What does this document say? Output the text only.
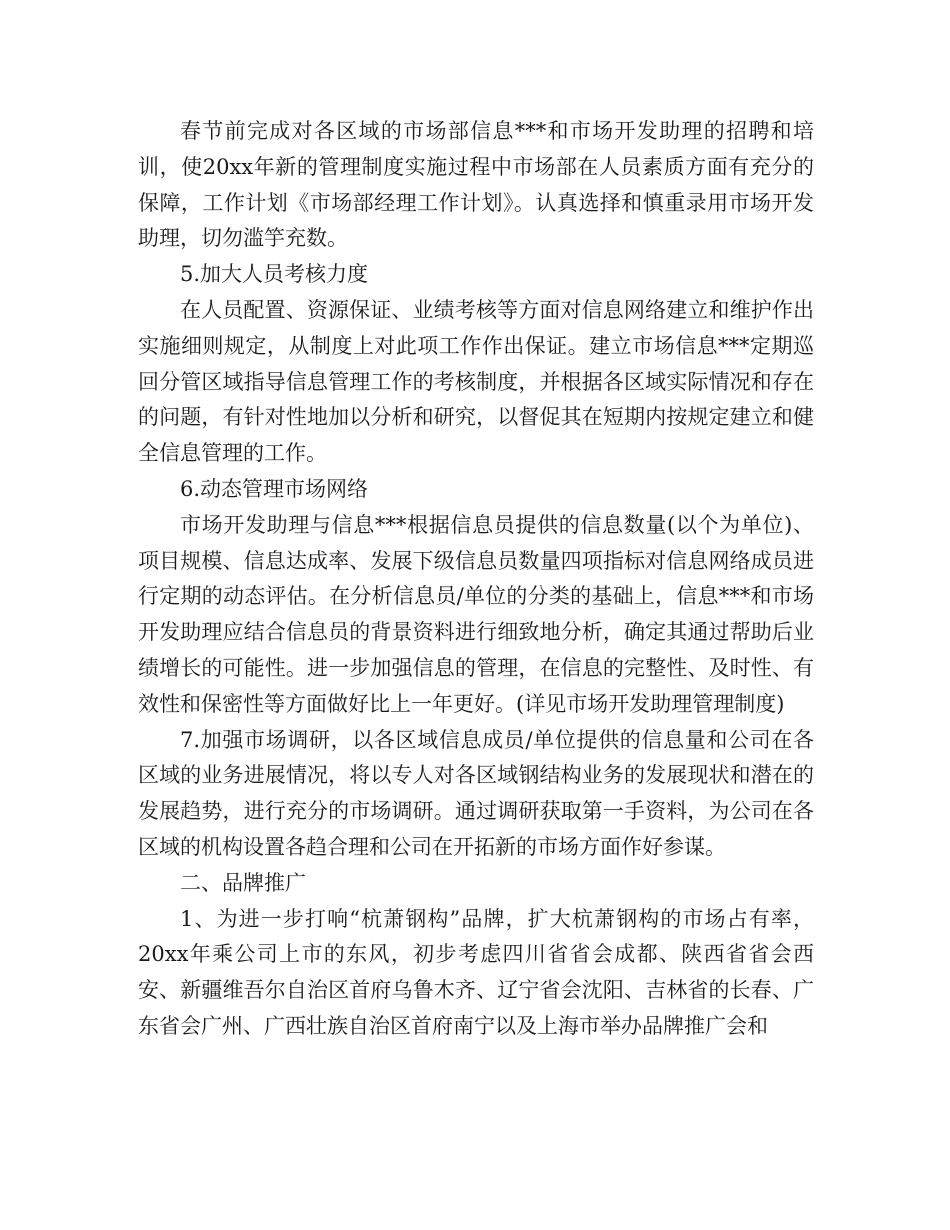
春节前完成对各区域的市场部信息***和市场开发助理的招聘和培训，使20xx年新的管理制度实施过程中市场部在人员素质方面有充分的保障，工作计划《市场部经理工作计划》。认真选择和慎重录用市场开发助理，切勿滥竽充数。

5.加大人员考核力度

在人员配置、资源保证、业绩考核等方面对信息网络建立和维护作出实施细则规定，从制度上对此项工作作出保证。建立市场信息***定期巡回分管区域指导信息管理工作的考核制度，并根据各区域实际情况和存在的问题，有针对性地加以分析和研究，以督促其在短期内按规定建立和健全信息管理的工作。

6.动态管理市场网络

市场开发助理与信息***根据信息员提供的信息数量(以个为单位)、项目规模、信息达成率、发展下级信息员数量四项指标对信息网络成员进行定期的动态评估。在分析信息员/单位的分类的基础上，信息***和市场开发助理应结合信息员的背景资料进行细致地分析，确定其通过帮助后业绩增长的可能性。进一步加强信息的管理，在信息的完整性、及时性、有效性和保密性等方面做好比上一年更好。(详见市场开发助理管理制度)

7.加强市场调研，以各区域信息成员/单位提供的信息量和公司在各区域的业务进展情况，将以专人对各区域钢结构业务的发展现状和潜在的发展趋势，进行充分的市场调研。通过调研获取第一手资料，为公司在各区域的机构设置各趋合理和公司在开拓新的市场方面作好参谋。

二、品牌推广

1、为进一步打响“杭萧钢构”品牌，扩大杭萧钢构的市场占有率，20xx年乘公司上市的东风，初步考虑四川省省会成都、陕西省省会西安、新疆维吾尔自治区首府乌鲁木齐、辽宁省会沈阳、吉林省的长春、广东省会广州、广西壮族自治区首府南宁以及上海市举办品牌推广会和
